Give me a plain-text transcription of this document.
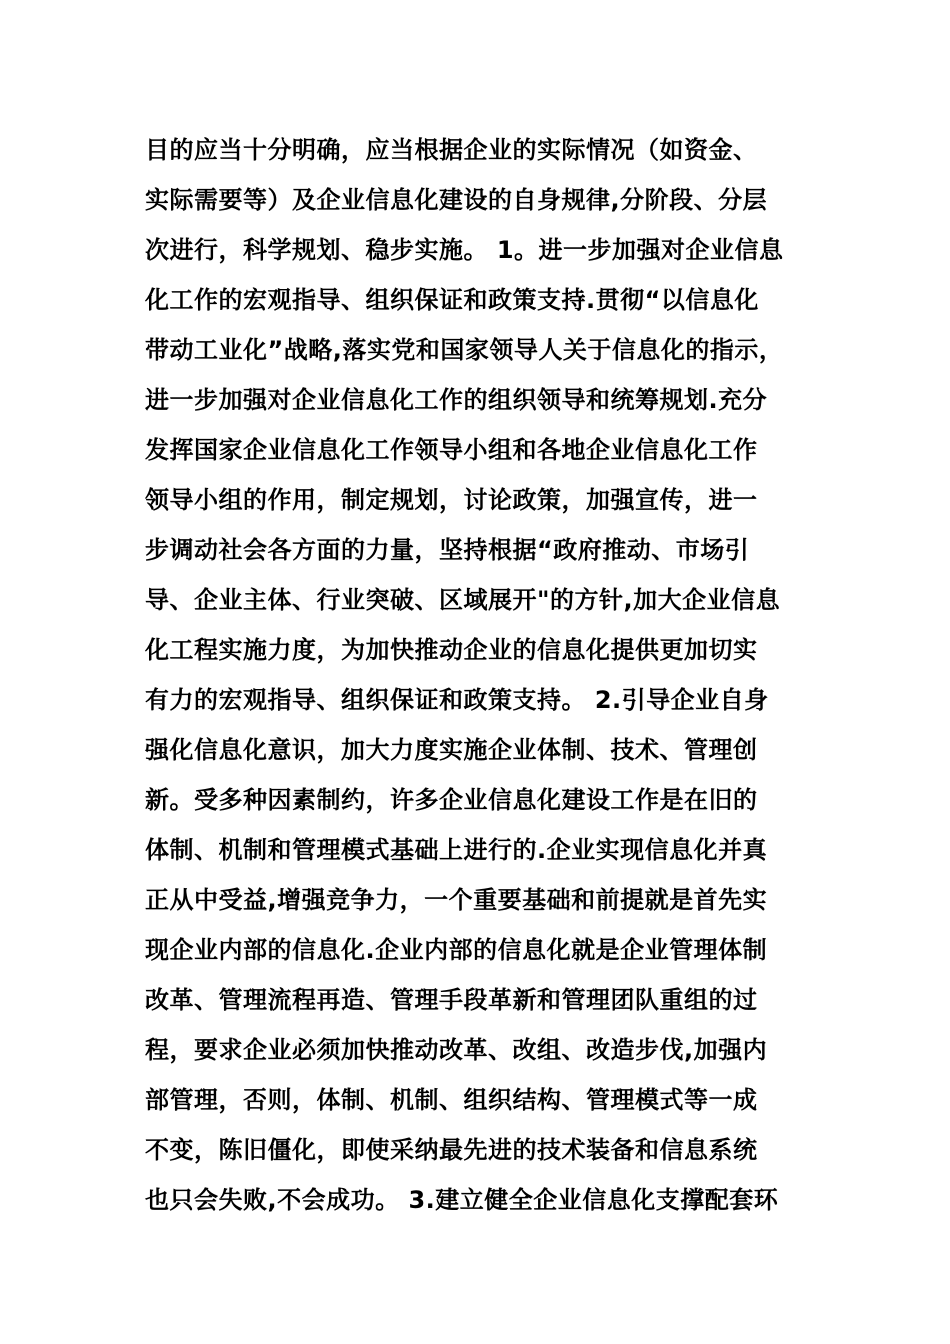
目的应当十分明确，应当根据企业的实际情况（如资金、
实际需要等）及企业信息化建设的自身规律,分阶段、分层
次进行，科学规划、稳步实施。 1。进一步加强对企业信息
化工作的宏观指导、组织保证和政策支持.贯彻“以信息化
带动工业化”战略,落实党和国家领导人关于信息化的指示，
进一步加强对企业信息化工作的组织领导和统筹规划.充分
发挥国家企业信息化工作领导小组和各地企业信息化工作
领导小组的作用，制定规划，讨论政策，加强宣传，进一
步调动社会各方面的力量，坚持根据“政府推动、市场引
导、企业主体、行业突破、区域展开"的方针,加大企业信息
化工程实施力度，为加快推动企业的信息化提供更加切实
有力的宏观指导、组织保证和政策支持。 2.引导企业自身
强化信息化意识，加大力度实施企业体制、技术、管理创
新。受多种因素制约，许多企业信息化建设工作是在旧的
体制、机制和管理模式基础上进行的.企业实现信息化并真
正从中受益,增强竞争力，一个重要基础和前提就是首先实
现企业内部的信息化.企业内部的信息化就是企业管理体制
改革、管理流程再造、管理手段革新和管理团队重组的过
程，要求企业必须加快推动改革、改组、改造步伐,加强内
部管理，否则，体制、机制、组织结构、管理模式等一成
不变，陈旧僵化，即使采纳最先进的技术装备和信息系统
也只会失败,不会成功。 3.建立健全企业信息化支撑配套环
